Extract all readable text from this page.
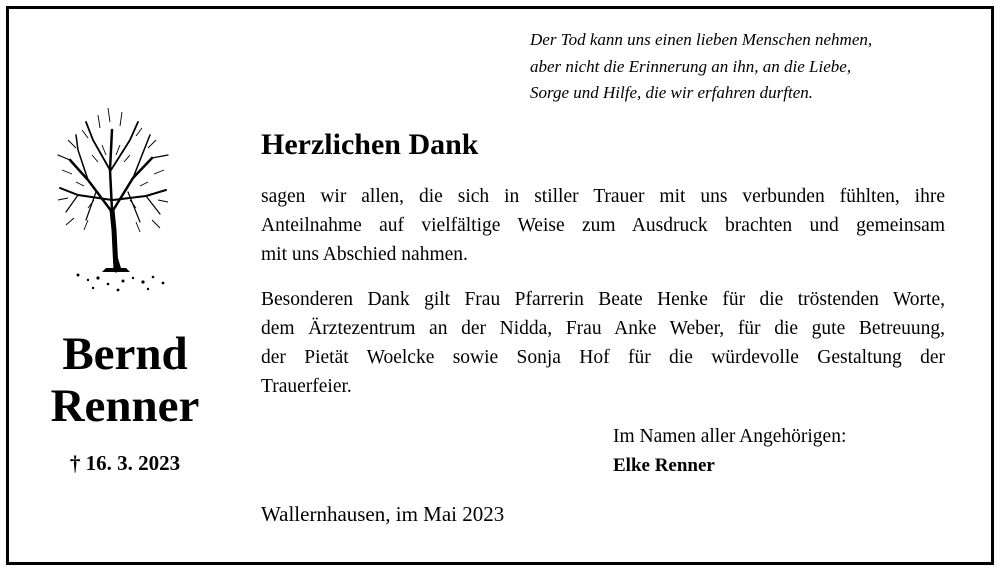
Der Tod kann uns einen lieben Menschen nehmen,
aber nicht die Erinnerung an ihn, an die Liebe,
Sorge und Hilfe, die wir erfahren durften.
Bernd
Renner
† 16. 3. 2023
Herzlichen Dank
sagen wir allen, die sich in stiller Trauer mit uns verbunden fühlten, ihre
Anteilnahme auf vielfältige Weise zum Ausdruck brachten und gemeinsam
mit uns Abschied nahmen.
Besonderen Dank gilt Frau Pfarrerin Beate Henke für die tröstenden Worte,
dem Ärztezentrum an der Nidda, Frau Anke Weber, für die gute Betreuung,
der Pietät Woelcke sowie Sonja Hof für die würdevolle Gestaltung der
Trauerfeier.
Im Namen aller Angehörigen:
Elke Renner
Wallernhausen, im Mai 2023
